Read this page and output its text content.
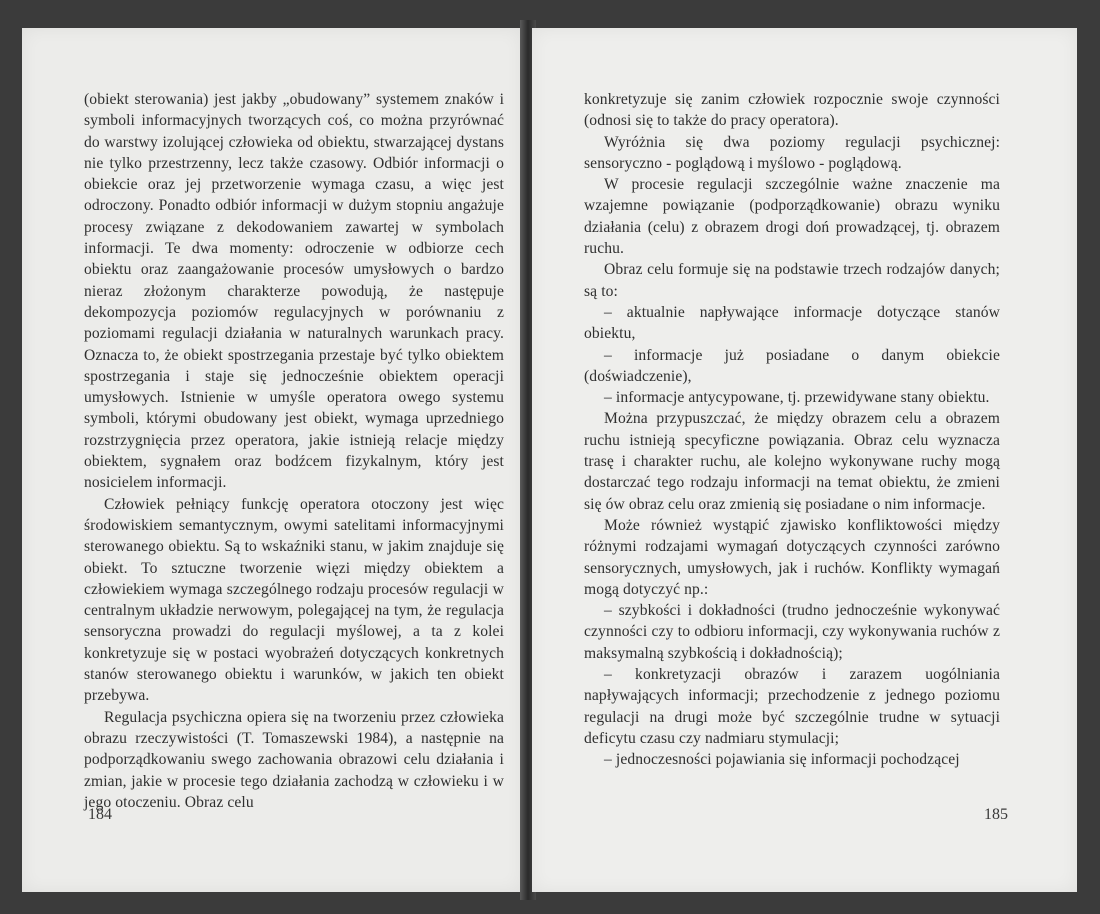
(obiekt sterowania) jest jakby „obudowany” systemem znaków i symboli informacyjnych tworzących coś, co można przyrównać do warstwy izolującej człowieka od obiektu, stwarzającej dystans nie tylko przestrzenny, lecz także czasowy. Odbiór informacji o obiekcie oraz jej przetworzenie wymaga czasu, a więc jest odroczony. Ponadto odbiór informacji w dużym stopniu angażuje procesy związane z dekodowaniem zawartej w symbolach informacji. Te dwa momenty: odroczenie w odbiorze cech obiektu oraz zaangażowanie procesów umysłowych o bardzo nieraz złożonym charakterze powodują, że następuje dekompozycja poziomów regulacyjnych w porównaniu z poziomami regulacji działania w naturalnych warunkach pracy. Oznacza to, że obiekt spostrzegania przestaje być tylko obiektem spostrzegania i staje się jednocześnie obiektem operacji umysłowych. Istnienie w umyśle operatora owego systemu symboli, którymi obudowany jest obiekt, wymaga uprzedniego rozstrzygnięcia przez operatora, jakie istnieją relacje między obiektem, sygnałem oraz bodźcem fizykalnym, który jest nosicielem informacji.

Człowiek pełniący funkcję operatora otoczony jest więc środowiskiem semantycznym, owymi satelitami informacyjnymi sterowanego obiektu. Są to wskaźniki stanu, w jakim znajduje się obiekt. To sztuczne tworzenie więzi między obiektem a człowiekiem wymaga szczególnego rodzaju procesów regulacji w centralnym układzie nerwowym, polegającej na tym, że regulacja sensoryczna prowadzi do regulacji myślowej, a ta z kolei konkretyzuje się w postaci wyobrażeń dotyczących konkretnych stanów sterowanego obiektu i warunków, w jakich ten obiekt przebywa.

Regulacja psychiczna opiera się na tworzeniu przez człowieka obrazu rzeczywistości (T. Tomaszewski 1984), a następnie na podporządkowaniu swego zachowania obrazowi celu działania i zmian, jakie w procesie tego działania zachodzą w człowieku i w jego otoczeniu. Obraz celu

184

konkretyzuje się zanim człowiek rozpocznie swoje czynności (odnosi się to także do pracy operatora).

Wyróżnia się dwa poziomy regulacji psychicznej: sensoryczno - poglądową i myślowo - poglądową.

W procesie regulacji szczególnie ważne znaczenie ma wzajemne powiązanie (podporządkowanie) obrazu wyniku działania (celu) z obrazem drogi doń prowadzącej, tj. obrazem ruchu.

Obraz celu formuje się na podstawie trzech rodzajów danych; są to:

– aktualnie napływające informacje dotyczące stanów obiektu,

– informacje już posiadane o danym obiekcie (doświadczenie),

– informacje antycypowane, tj. przewidywane stany obiektu.

Można przypuszczać, że między obrazem celu a obrazem ruchu istnieją specyficzne powiązania. Obraz celu wyznacza trasę i charakter ruchu, ale kolejno wykonywane ruchy mogą dostarczać tego rodzaju informacji na temat obiektu, że zmieni się ów obraz celu oraz zmienią się posiadane o nim informacje.

Może również wystąpić zjawisko konfliktowości między różnymi rodzajami wymagań dotyczących czynności zarówno sensorycznych, umysłowych, jak i ruchów. Konflikty wymagań mogą dotyczyć np.:

– szybkości i dokładności (trudno jednocześnie wykonywać czynności czy to odbioru informacji, czy wykonywania ruchów z maksymalną szybkością i dokładnością);

– konkretyzacji obrazów i zarazem uogólniania napływających informacji; przechodzenie z jednego poziomu regulacji na drugi może być szczególnie trudne w sytuacji deficytu czasu czy nadmiaru stymulacji;

– jednoczesności pojawiania się informacji pochodzącej

185
